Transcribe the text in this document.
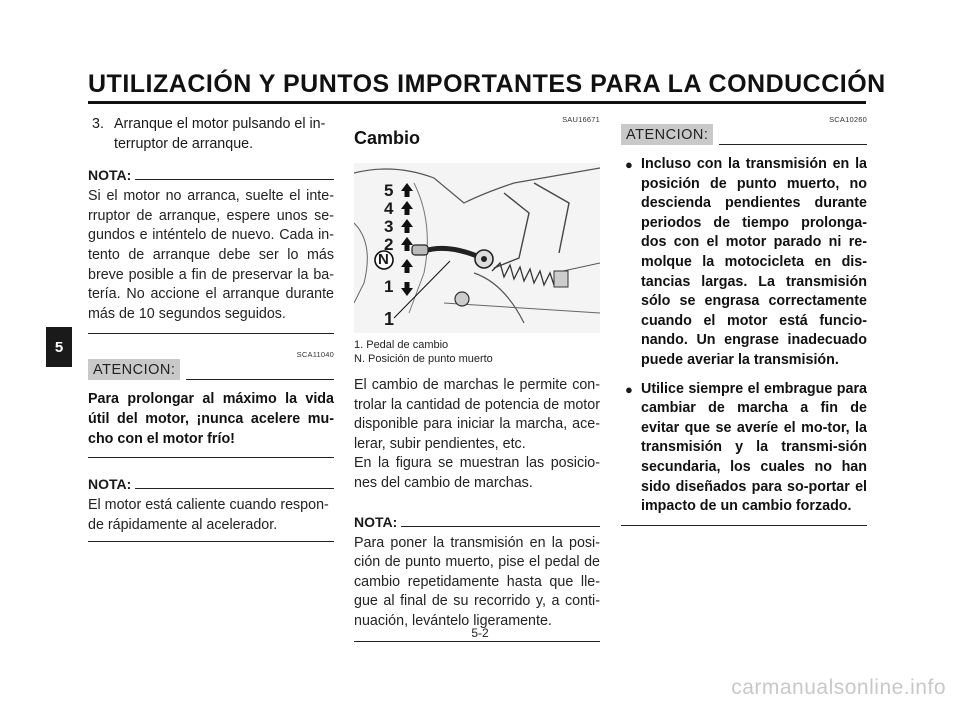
UTILIZACIÓN Y PUNTOS IMPORTANTES PARA LA CONDUCCIÓN
5
3. Arranque el motor pulsando el in-terruptor de arranque.
NOTA:

Si el motor no arranca, suelte el inte-rruptor de arranque, espere unos se-gundos e inténtelo de nuevo. Cada in-tento de arranque debe ser lo más breve posible a fin de preservar la ba-tería. No accione el arranque durante más de 10 segundos seguidos.

SCA11040
ATENCION:

Para prolongar al máximo la vida útil del motor, ¡nunca acelere mu-cho con el motor frío!

NOTA:

El motor está caliente cuando respon-de rápidamente al acelerador.

SAU16671
Cambio
5
4
3
2
N
1
1
1. Pedal de cambio
N. Posición de punto muerto

El cambio de marchas le permite con-trolar la cantidad de potencia de motor disponible para iniciar la marcha, ace-lerar, subir pendientes, etc.

En la figura se muestran las posicio-nes del cambio de marchas.

NOTA:

Para poner la transmisión en la posi-ción de punto muerto, pise el pedal de cambio repetidamente hasta que lle-gue al final de su recorrido y, a conti-nuación, levántelo ligeramente.

SCA10260
ATENCION:
● Incluso con la transmisión en la posición de punto muerto, no descienda pendientes durante periodos de tiempo prolonga-dos con el motor parado ni re-molque la motocicleta en dis-tancias largas. La transmisión sólo se engrasa correctamente cuando el motor está funcio-nando. Un engrase inadecuado puede averiar la transmisión.
● Utilice siempre el embrague para cambiar de marcha a fin de evitar que se averíe el mo-tor, la transmisión y la transmi-sión secundaria, los cuales no han sido diseñados para so-portar el impacto de un cambio forzado.
5-2
carmanualsonline.info
